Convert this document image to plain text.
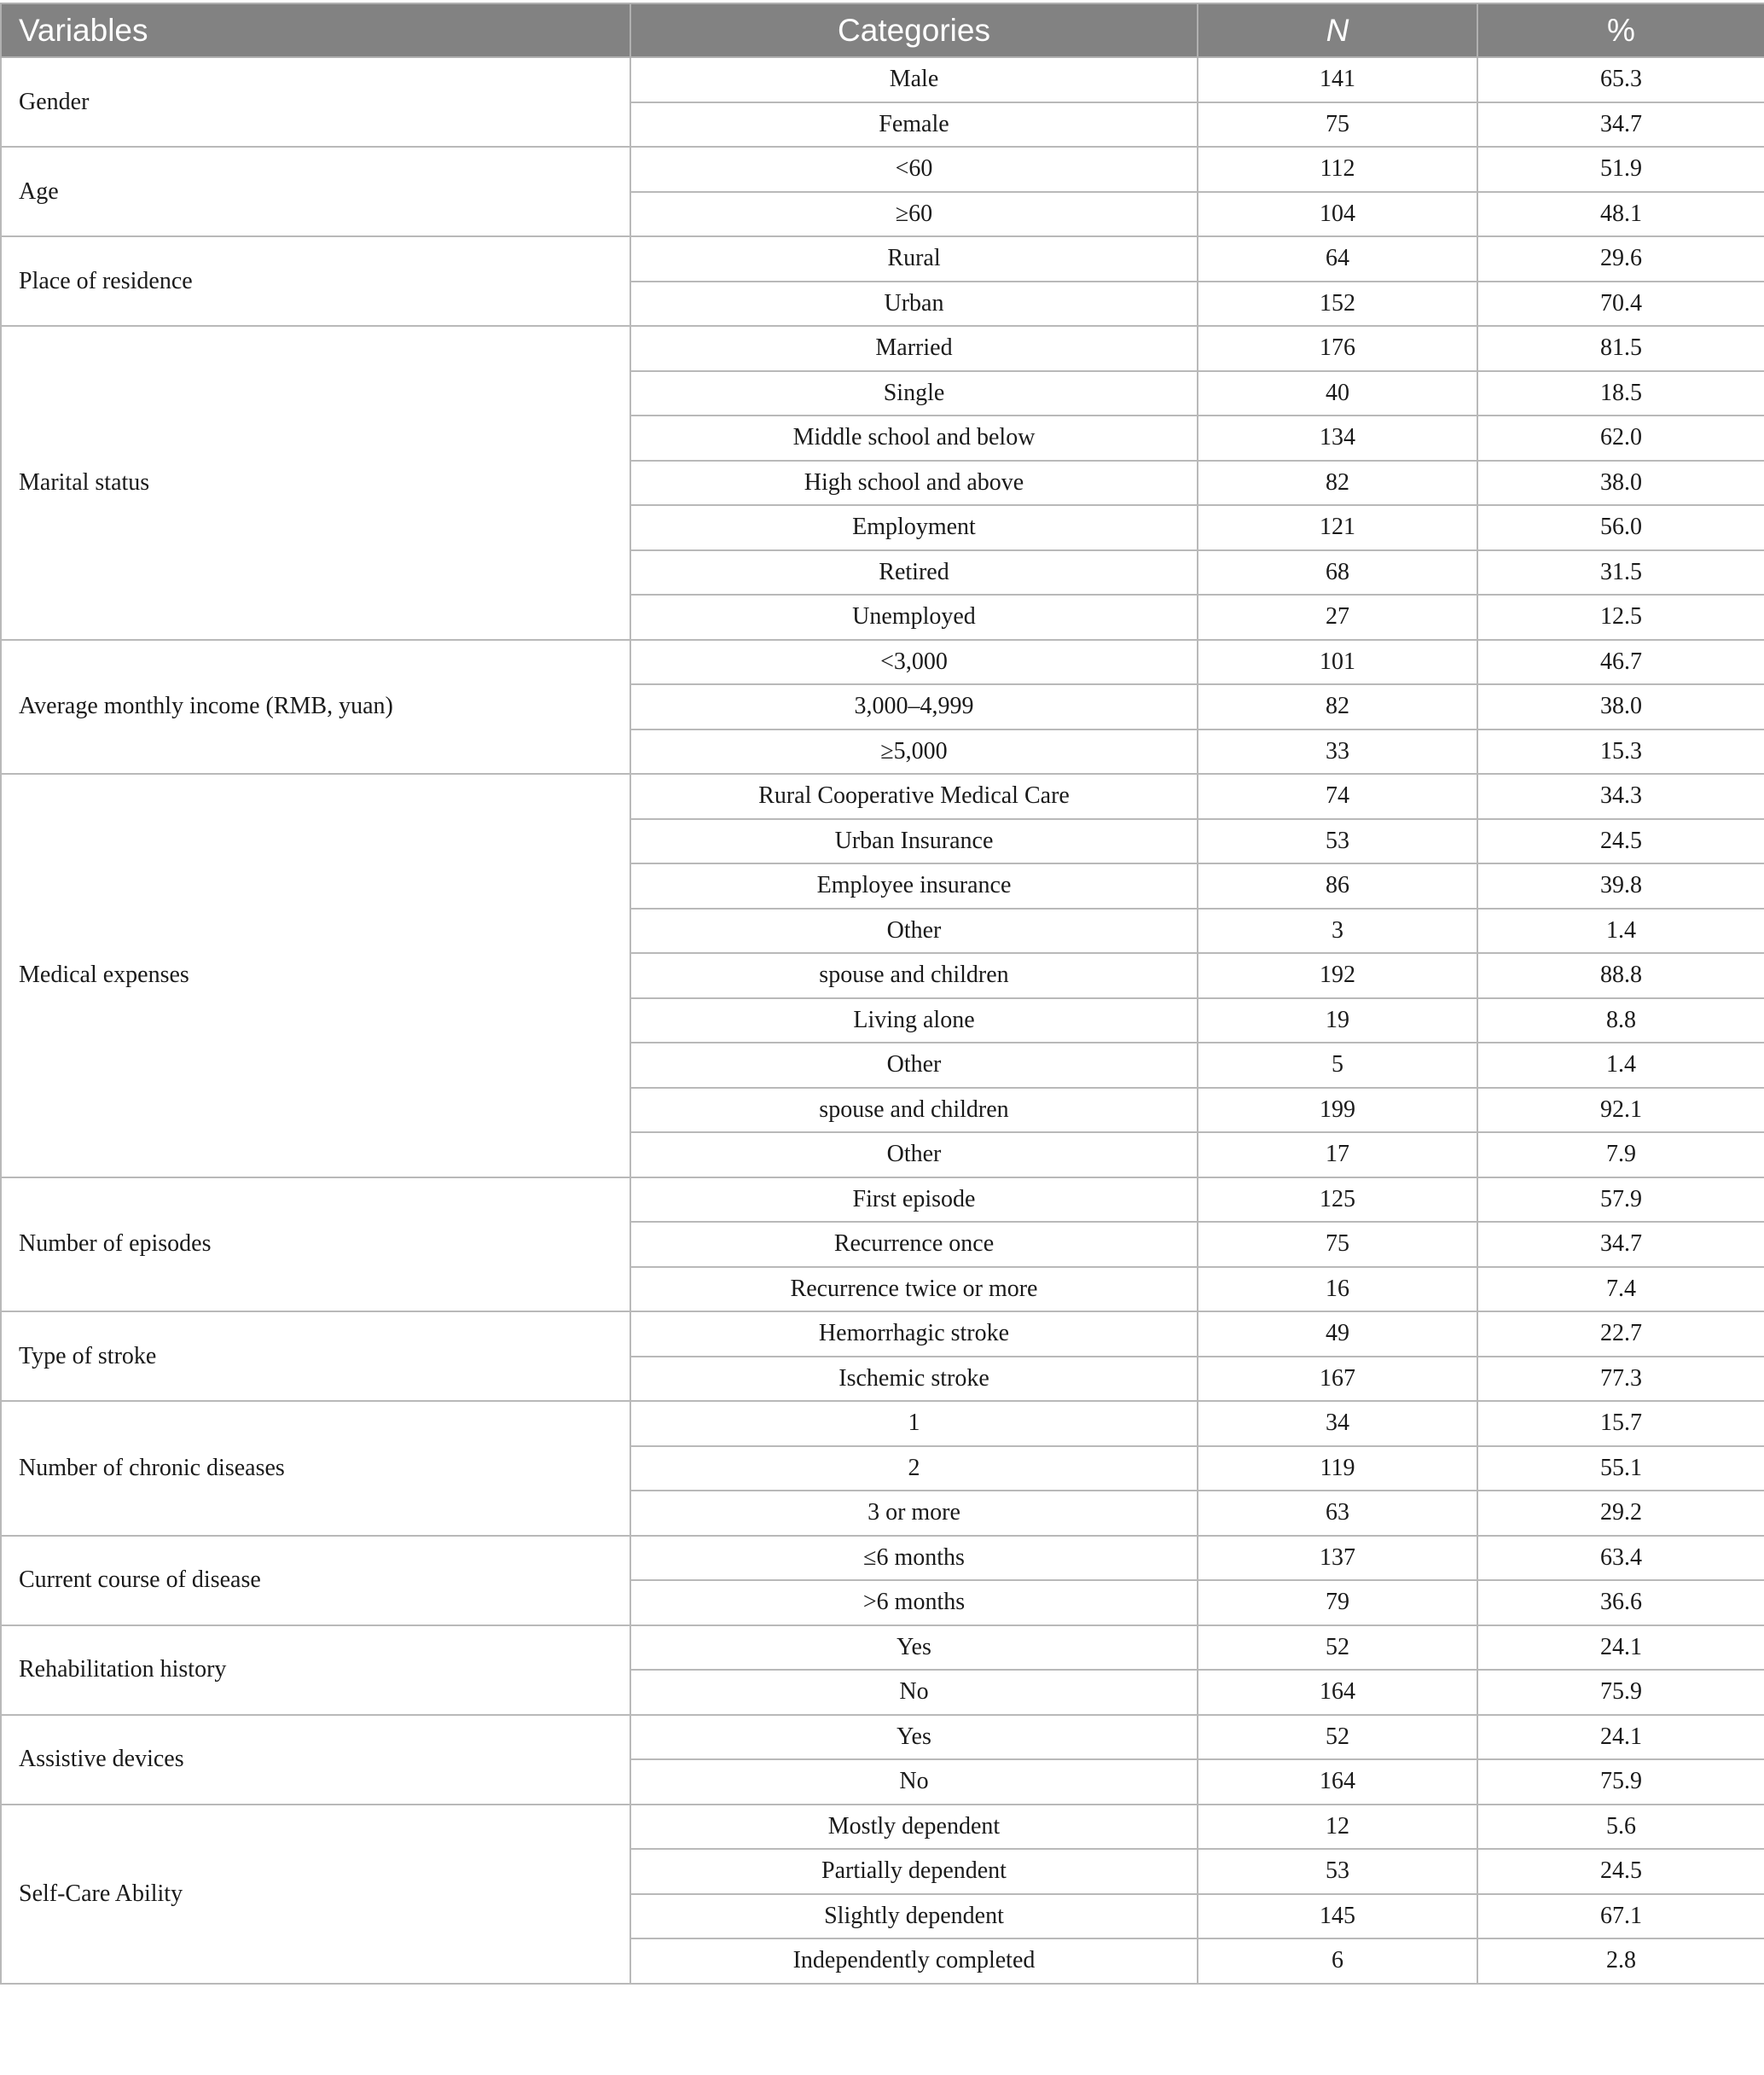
Variables	Categories	N	%
Gender	Male	141	65.3
	Female	75	34.7
Age	<60	112	51.9
	≥60	104	48.1
Place of residence	Rural	64	29.6
	Urban	152	70.4
Marital status	Married	176	81.5
	Single	40	18.5
	Middle school and below	134	62.0
	High school and above	82	38.0
	Employment	121	56.0
	Retired	68	31.5
	Unemployed	27	12.5
Average monthly income (RMB, yuan)	<3,000	101	46.7
	3,000–4,999	82	38.0
	≥5,000	33	15.3
Medical expenses	Rural Cooperative Medical Care	74	34.3
	Urban Insurance	53	24.5
	Employee insurance	86	39.8
	Other	3	1.4
	spouse and children	192	88.8
	Living alone	19	8.8
	Other	5	1.4
	spouse and children	199	92.1
	Other	17	7.9
Number of episodes	First episode	125	57.9
	Recurrence once	75	34.7
	Recurrence twice or more	16	7.4
Type of stroke	Hemorrhagic stroke	49	22.7
	Ischemic stroke	167	77.3
Number of chronic diseases	1	34	15.7
	2	119	55.1
	3 or more	63	29.2
Current course of disease	≤6 months	137	63.4
	>6 months	79	36.6
Rehabilitation history	Yes	52	24.1
	No	164	75.9
Assistive devices	Yes	52	24.1
	No	164	75.9
Self-Care Ability	Mostly dependent	12	5.6
	Partially dependent	53	24.5
	Slightly dependent	145	67.1
	Independently completed	6	2.8
